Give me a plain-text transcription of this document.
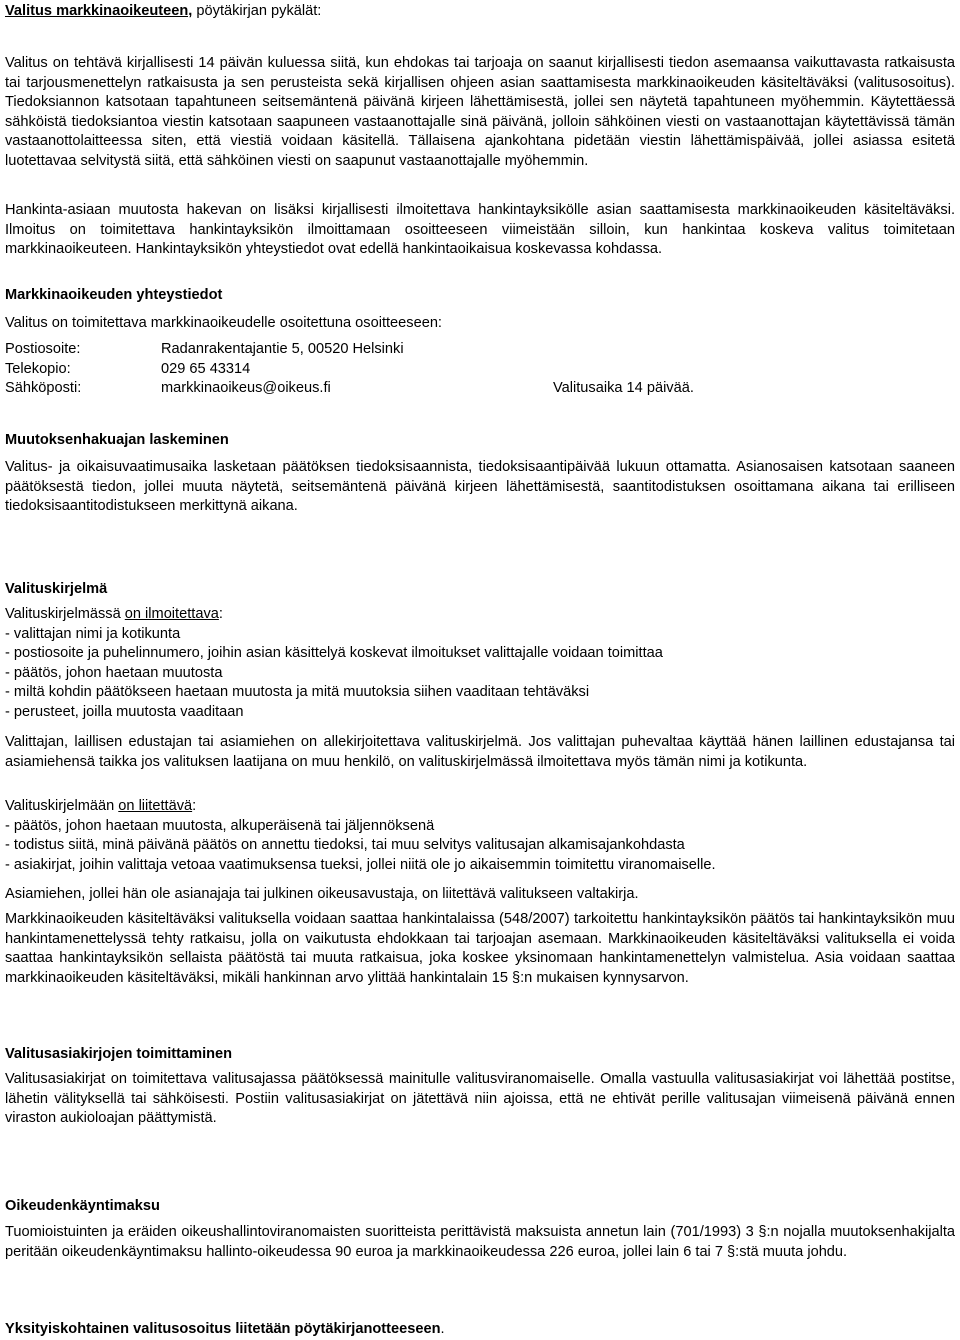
Valitus markkinaoikeuteen, pöytäkirjan pykälät:

Valitus on tehtävä kirjallisesti 14 päivän kuluessa siitä, kun ehdokas tai tarjoaja on saanut kirjallisesti tiedon asemaansa vaikuttavasta ratkaisusta tai tarjousmenettelyn ratkaisusta ja sen perusteista sekä kirjallisen ohjeen asian saattamisesta markkinaoikeuden käsiteltäväksi (valitusosoitus). Tiedoksiannon katsotaan tapahtuneen seitsemäntenä päivänä kirjeen lähettämisestä, jollei sen näytetä tapahtuneen myöhemmin. Käytettäessä sähköistä tiedoksiantoa viestin katsotaan saapuneen vastaanottajalle sinä päivänä, jolloin sähköinen viesti on vastaanottajan käytettävissä tämän vastaanottolaitteessa siten, että viestiä voidaan käsitellä. Tällaisena ajankohtana pidetään viestin lähettämispäivää, jollei asiassa esitetä luotettavaa selvitystä siitä, että sähköinen viesti on saapunut vastaanottajalle myöhemmin.

Hankinta-asiaan muutosta hakevan on lisäksi kirjallisesti ilmoitettava hankintayksikölle asian saattamisesta markkinaoikeuden käsiteltäväksi. Ilmoitus on toimitettava hankintayksikön ilmoittamaan osoitteeseen viimeistään silloin, kun hankintaa koskeva valitus toimitetaan markkinaoikeuteen. Hankintayksikön yhteystiedot ovat edellä hankintaoikaisua koskevassa kohdassa.

Markkinaoikeuden yhteystiedot
Valitus on toimitettava markkinaoikeudelle osoitettuna osoitteeseen:
Postiosoite:	Radanrakentajantie 5, 00520 Helsinki
Telekopio:	029 65 43314
Sähköposti:	markkinaoikeus@oikeus.fi	Valitusaika 14 päivää.
Muutoksenhakuajan laskeminen

Valitus- ja oikaisuvaatimusaika lasketaan päätöksen tiedoksisaannista, tiedoksisaantipäivää lukuun ottamatta. Asianosaisen katsotaan saaneen päätöksestä tiedon, jollei muuta näytetä, seitsemäntenä päivänä kirjeen lähettämisestä, saantitodistuksen osoittamana aikana tai erilliseen tiedoksisaantitodistukseen merkittynä aikana.

Valituskirjelmä

Valituskirjelmässä on ilmoitettava:

- valittajan nimi ja kotikunta
- postiosoite ja puhelinnumero, joihin asian käsittelyä koskevat ilmoitukset valittajalle voidaan toimittaa
- päätös, johon haetaan muutosta
- miltä kohdin päätökseen haetaan muutosta ja mitä muutoksia siihen vaaditaan tehtäväksi
- perusteet, joilla muutosta vaaditaan

Valittajan, laillisen edustajan tai asiamiehen on allekirjoitettava valituskirjelmä. Jos valittajan puhevaltaa käyttää hänen laillinen edustajansa tai asiamiehensä taikka jos valituksen laatijana on muu henkilö, on valituskirjelmässä ilmoitettava myös tämän nimi ja kotikunta.

Valituskirjelmään on liitettävä:

- päätös, johon haetaan muutosta, alkuperäisenä tai jäljennöksenä
- todistus siitä, minä päivänä päätös on annettu tiedoksi, tai muu selvitys valitusajan alkamisajankohdasta
- asiakirjat, joihin valittaja vetoaa vaatimuksensa tueksi, jollei niitä ole jo aikaisemmin toimitettu viranomaiselle.

Asiamiehen, jollei hän ole asianajaja tai julkinen oikeusavustaja, on liitettävä valitukseen valtakirja.

Markkinaoikeuden käsiteltäväksi valituksella voidaan saattaa hankintalaissa (548/2007) tarkoitettu hankintayksikön päätös tai hankintayksikön muu hankintamenettelyssä tehty ratkaisu, jolla on vaikutusta ehdokkaan tai tarjoajan asemaan. Markkinaoikeuden käsiteltäväksi valituksella ei voida saattaa hankintayksikön sellaista päätöstä tai muuta ratkaisua, joka koskee yksinomaan hankintamenettelyn valmistelua. Asia voidaan saattaa markkinaoikeuden käsiteltäväksi, mikäli hankinnan arvo ylittää hankintalain 15 §:n mukaisen kynnysarvon.

Valitusasiakirjojen toimittaminen

Valitusasiakirjat on toimitettava valitusajassa päätöksessä mainitulle valitusviranomaiselle. Omalla vastuulla valitusasiakirjat voi lähettää postitse, lähetin välityksellä tai sähköisesti. Postiin valitusasiakirjat on jätettävä niin ajoissa, että ne ehtivät perille valitusajan viimeisenä päivänä ennen viraston aukioloajan päättymistä.

Oikeudenkäyntimaksu

Tuomioistuinten ja eräiden oikeushallintoviranomaisten suoritteista perittävistä maksuista annetun lain (701/1993) 3 §:n nojalla muutoksenhakijalta peritään oikeudenkäyntimaksu hallinto-oikeudessa 90 euroa ja markkinaoikeudessa 226 euroa, jollei lain 6 tai 7 §:stä muuta johdu.

Yksityiskohtainen valitusosoitus liitetään pöytäkirjanotteeseen.
